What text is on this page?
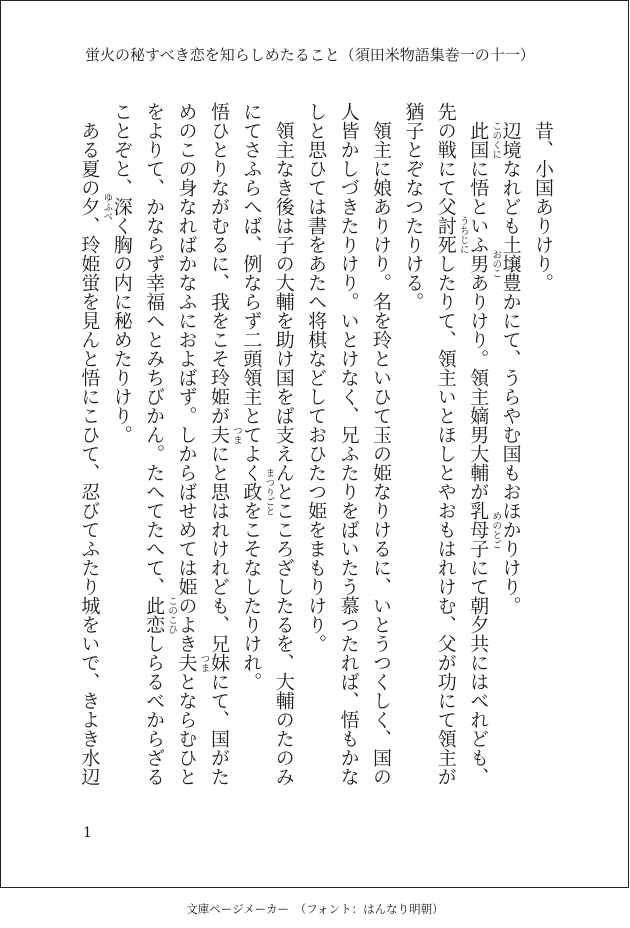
蛍火の秘すべき恋を知らしめたること（須田米物語集巻一の十一）

昔、小国ありけり。

辺境なれども土壌豊かにて、うらやむ国もおほかりけり。

此国 このくに
に悟といふ男 おのこ
ありけり。領主嫡男大輔が乳母子 めのとご
にて朝夕共にはべれども、

先の戦にて父討死 うちじに
したりて、領主いとほしとやおもはれけむ、父が功にて領主が

猶子とぞなつたりける。

領主に娘ありけり。名を玲といひて玉の姫なりけるに、いとうつくしく、国の

人皆かしづきたりけり。いとけなく、兄ふたりをばいたう慕つたれば、悟もかな

しと思ひては書をあたへ将棋などしておひたつ姫をまもりけり。

領主なき後は子の大輔を助け国をば支えんとこころざしたるを、大輔のたのみ

にてさふらへば、例ならず二頭領主とてよく政 まつりごと
をこそなしたりけれ。

悟ひとりながむるに、我をこそ玲姫が夫 つま
にと思はれけれども、兄妹にて、国がた

めのこの身なればかなふにおよばず。しからばせめては姫のよき夫 つま
とならむひと

をよりて、かならず幸福へとみちびかん。たへてたへて、此恋 このこひ
しらるべからざる

ことぞと、深く胸の内に秘めたりけり。

ある夏の夕 ゆふべ
、玲姫蛍を見んと悟にこひて、忍びてふたり城をいで、きよき水辺

1
文庫ページメーカー　（フォント：はんなり明朝）
